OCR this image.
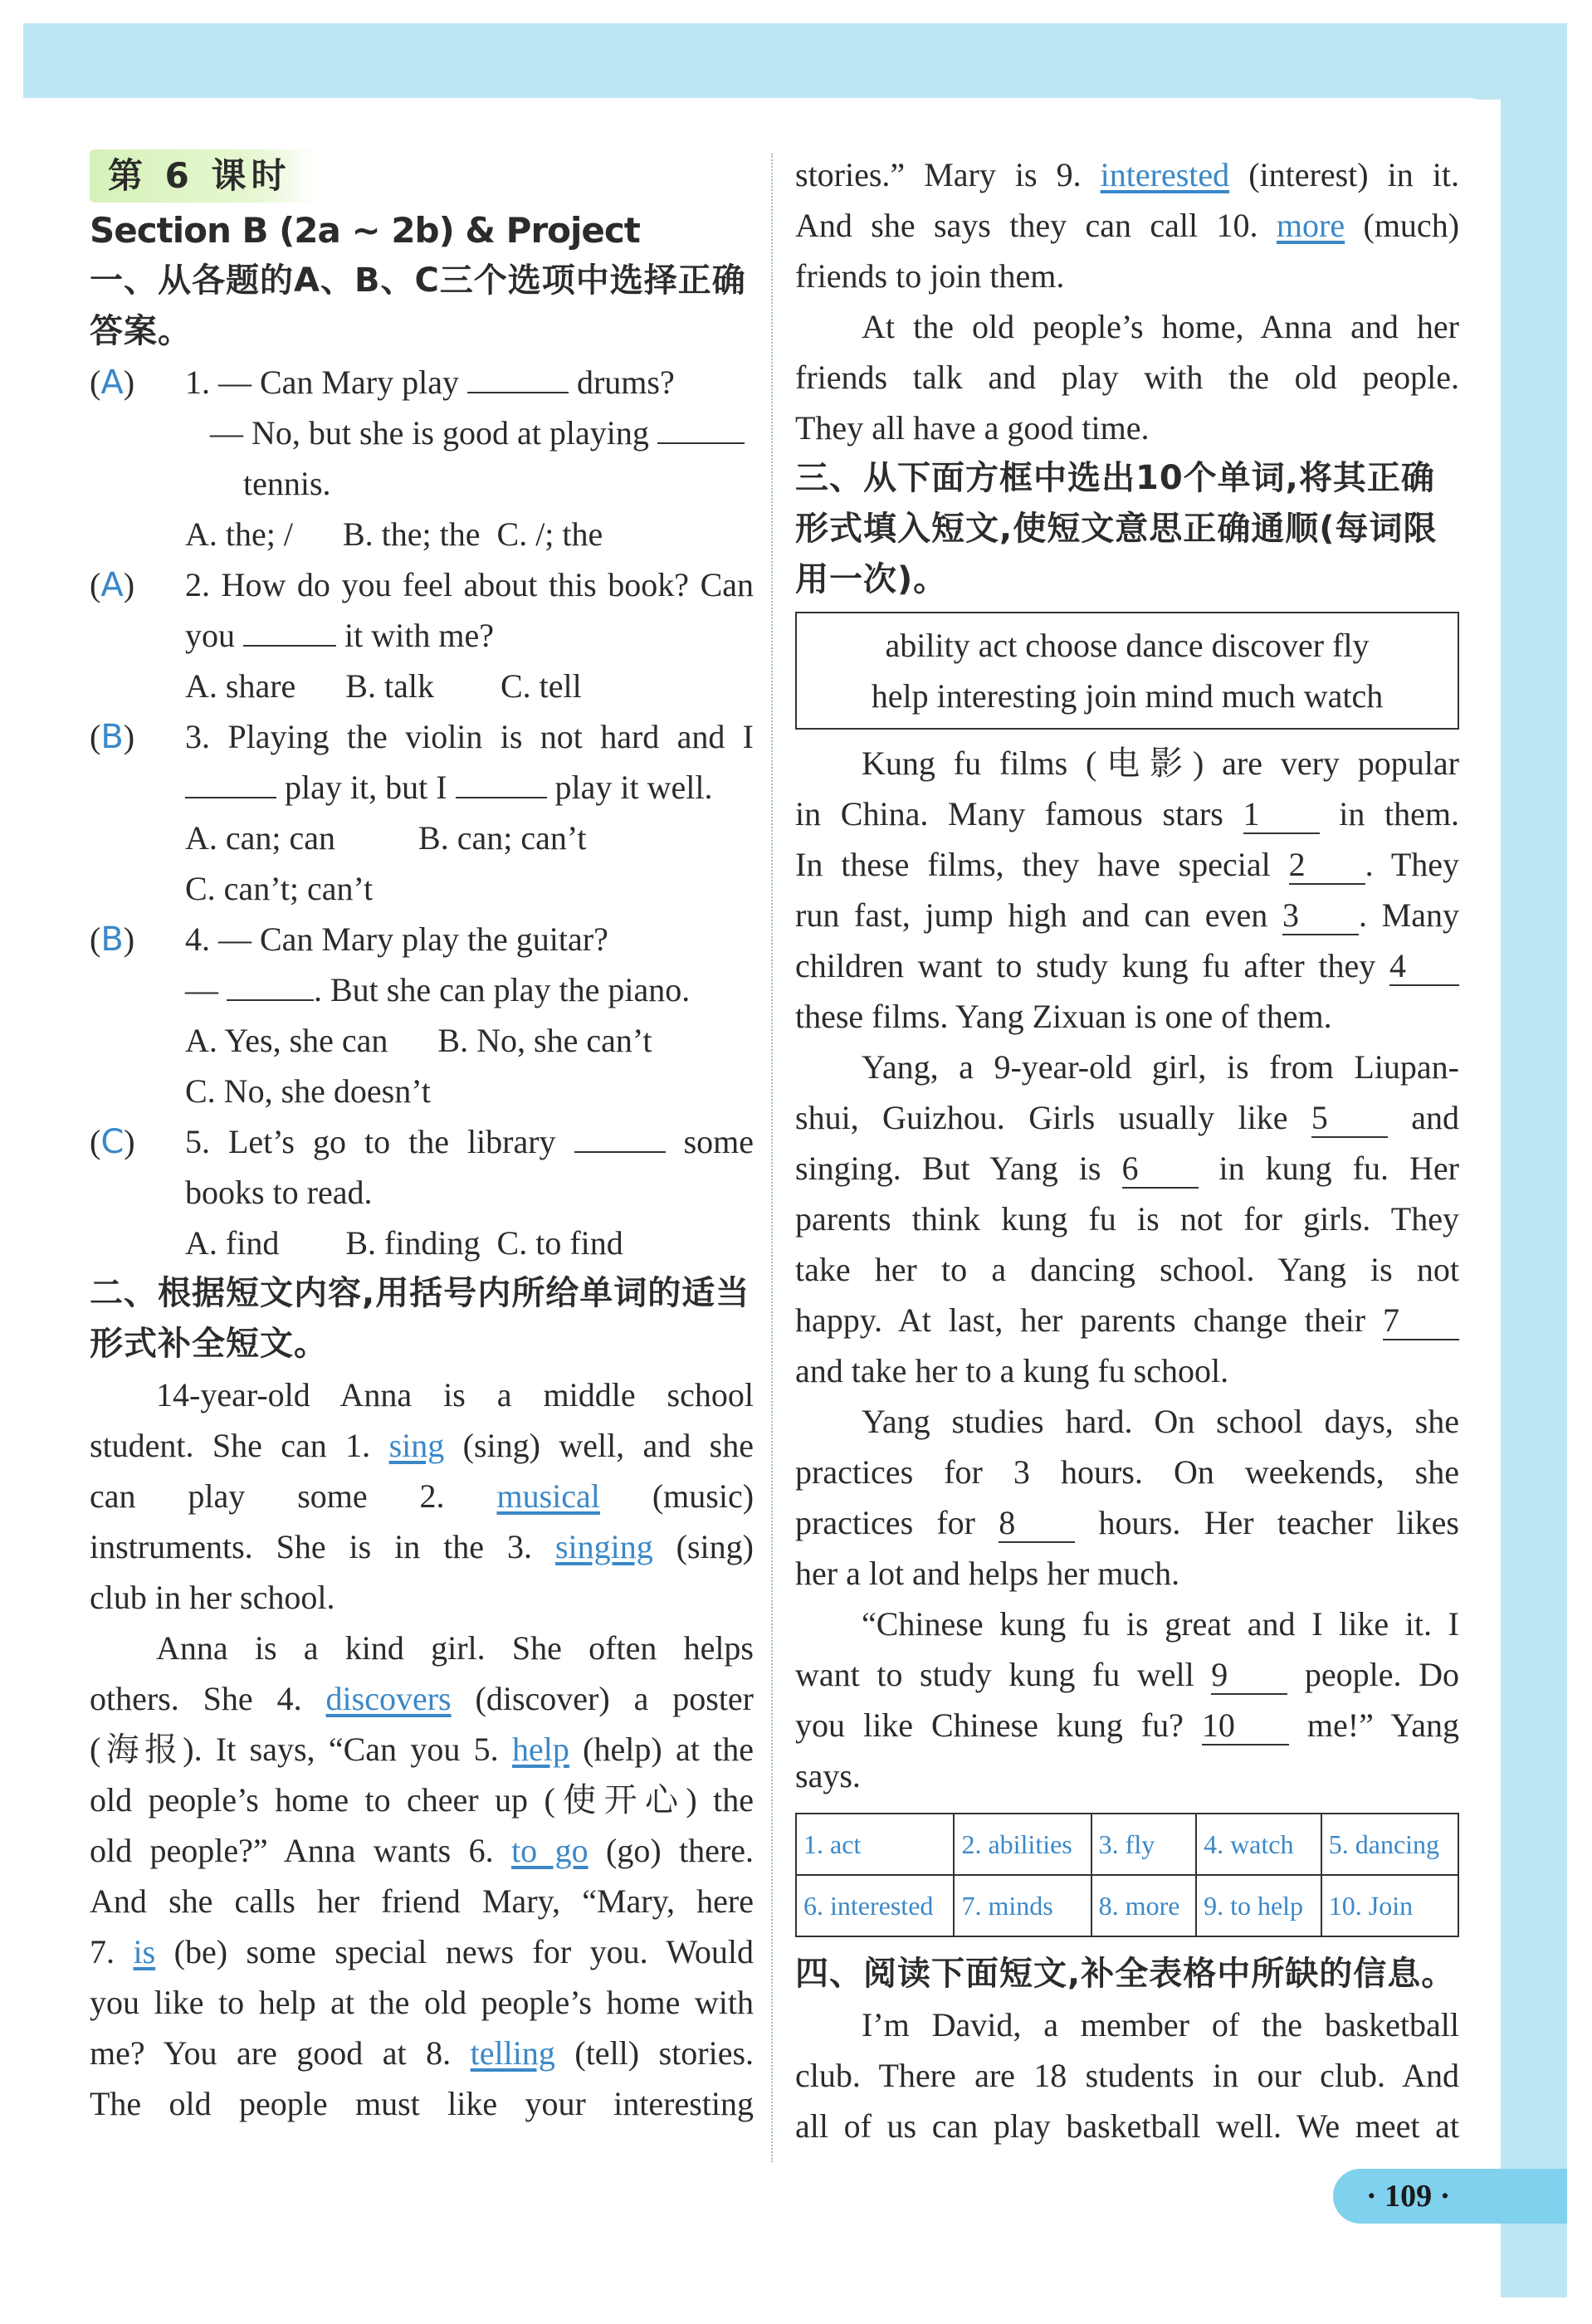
第 6 课时
Section B (2a ~ 2b) & Project
一、从各题的A、B、C三个选项中选择正确答案。
(A) 1. — Can Mary play	drums?
— No, but she is good at playing
tennis.
A. the; /      B. the; the  C. /; the
(A) 2. How do you feel about this book? Can
you	it with me?
A. share      B. talk        C. tell
(B) 3. Playing the violin is not hard and I
play it, but I	play it well.
A. can; can          B. can; can’t
C. can’t; can’t
(B) 4. — Can Mary play the guitar?
—	. But she can play the piano.
A. Yes, she can      B. No, she can’t
C. No, she doesn’t
(C) 5. Let’s go to the library	some
books to read.
A. find        B. finding  C. to find
二、根据短文内容,用括号内所给单词的适当形式补全短文。
14-year-old Anna is a middle school
student. She can 1. sing (sing) well, and she
can play some 2. musical (music)
instruments. She is in the 3. singing (sing)
club in her school.
Anna is a kind girl. She often helps
others. She 4. discovers (discover) a poster
(海报). It says, “Can you 5. help (help) at the
old people’s home to cheer up (使开心) the
old people?” Anna wants 6. to go (go) there.
And she calls her friend Mary, “Mary, here
7. is (be) some special news for you. Would
you like to help at the old people’s home with
me? You are good at 8. telling (tell) stories.
The old people must like your interesting
stories.” Mary is 9. interested (interest) in it.
And she says they can call 10. more (much)
friends to join them.
At the old people’s home, Anna and her
friends talk and play with the old people.
They all have a good time.
三、从下面方框中选出10个单词,将其正确形式填入短文,使短文意思正确通顺(每词限用一次)。
ability act choose dance discover fly
help interesting join mind much watch
Kung fu films (电影) are very popular
in China. Many famous stars 1 in them.
In these films, they have special 2 . They
run fast, jump high and can even 3 . Many
children want to study kung fu after they 4
these films. Yang Zixuan is one of them.
Yang, a 9-year-old girl, is from Liupan-
shui, Guizhou. Girls usually like 5	and
singing. But Yang is 6 in kung fu. Her
parents think kung fu is not for girls. They
take her to a dancing school. Yang is not
happy. At last, her parents change their 7
and take her to a kung fu school.
Yang studies hard. On school days, she
practices for 3 hours. On weekends, she
practices for 8	hours. Her teacher likes
her a lot and helps her much.
“Chinese kung fu is great and I like it. I
want to study kung fu well 9 people. Do
you like Chinese kung fu? 10 me!” Yang
says.
1. act	2. abilities	3. fly	4. watch	5. dancing
6. interested	7. minds	8. more	9. to help	10. Join
四、阅读下面短文,补全表格中所缺的信息。
I’m David, a member of the basketball
club. There are 18 students in our club. And
all of us can play basketball well. We meet at
· 109 ·
